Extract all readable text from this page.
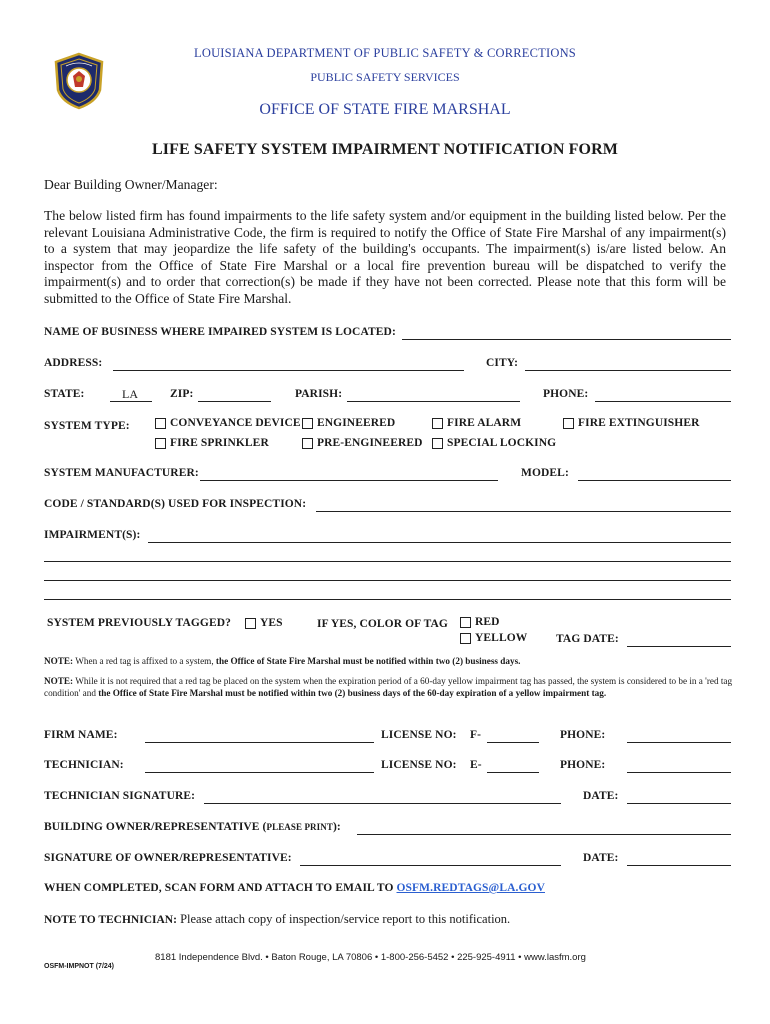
LOUISIANA DEPARTMENT OF PUBLIC SAFETY & CORRECTIONS
PUBLIC SAFETY SERVICES
OFFICE OF STATE FIRE MARSHAL
LIFE SAFETY SYSTEM IMPAIRMENT NOTIFICATION FORM
Dear Building Owner/Manager:
The below listed firm has found impairments to the life safety system and/or equipment in the building listed below. Per the relevant Louisiana Administrative Code, the firm is required to notify the Office of State Fire Marshal of any impairment(s) to a system that may jeopardize the life safety of the building's occupants. The impairment(s) is/are listed below. An inspector from the Office of State Fire Marshal or a local fire prevention bureau will be dispatched to verify the impairment(s) and to order that correction(s) be made if they have not been corrected. Please note that this form will be submitted to the Office of State Fire Marshal.
NAME OF BUSINESS WHERE IMPAIRED SYSTEM IS LOCATED:
ADDRESS:	CITY:
STATE:	LA	ZIP:	PARISH:	PHONE:
SYSTEM TYPE:	CONVEYANCE DEVICE ENGINEERED	FIRE ALARM	FIRE EXTINGUISHER
FIRE SPRINKLER	PRE-ENGINEERED SPECIAL LOCKING
SYSTEM MANUFACTURER:	MODEL:
CODE / STANDARD(S) USED FOR INSPECTION:
IMPAIRMENT(S):
SYSTEM PREVIOUSLY TAGGED?	YES	IF YES, COLOR OF TAG RED
YELLOW TAG DATE:
NOTE: When a red tag is affixed to a system, the Office of State Fire Marshal must be notified within two (2) business days.
NOTE: While it is not required that a red tag be placed on the system when the expiration period of a 60-day yellow impairment tag has passed, the system is considered to be in a 'red tag condition' and the Office of State Fire Marshal must be notified within two (2) business days of the 60-day expiration of a yellow impairment tag.
FIRM NAME:	LICENSE NO: F-	PHONE:
TECHNICIAN:	LICENSE NO: E-	PHONE:
TECHNICIAN SIGNATURE:	DATE:
BUILDING OWNER/REPRESENTATIVE (PLEASE PRINT):
SIGNATURE OF OWNER/REPRESENTATIVE:	DATE:
WHEN COMPLETED, SCAN FORM AND ATTACH TO EMAIL TO OSFM.REDTAGS@LA.GOV
NOTE TO TECHNICIAN: Please attach copy of inspection/service report to this notification.
8181 Independence Blvd. • Baton Rouge, LA 70806 • 1-800-256-5452 • 225-925-4911 • www.lasfm.org
OSFM-IMPNOT (7/24)
